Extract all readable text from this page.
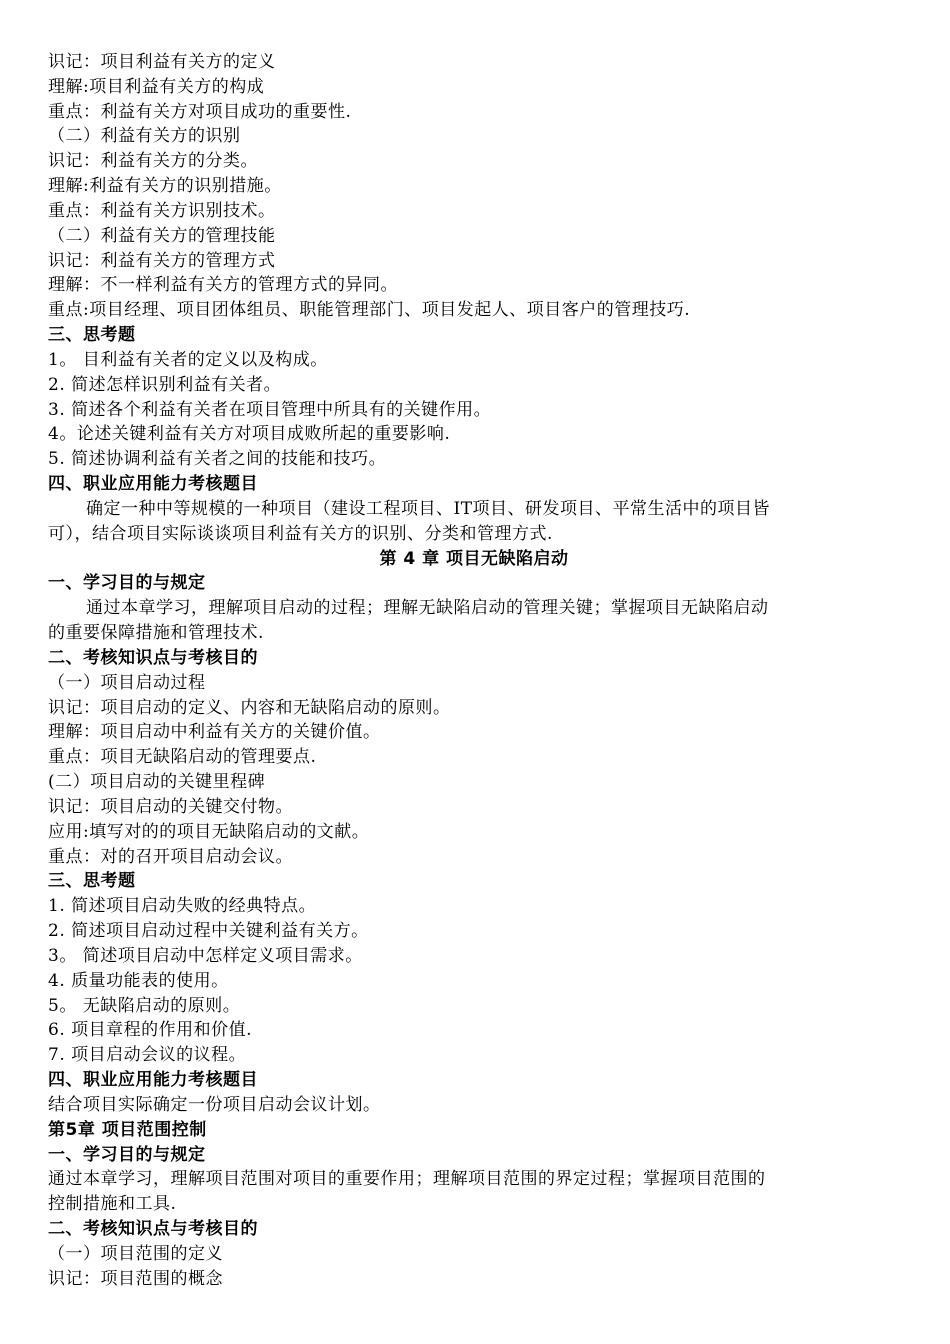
识记：项目利益有关方的定义
理解:项目利益有关方的构成
重点：利益有关方对项目成功的重要性.
（二）利益有关方的识别
识记：利益有关方的分类。
理解:利益有关方的识别措施。
重点：利益有关方识别技术。
（二）利益有关方的管理技能
识记：利益有关方的管理方式
理解：不一样利益有关方的管理方式的异同。
重点:项目经理、项目团体组员、职能管理部门、项目发起人、项目客户的管理技巧.
三、思考题
1。 目利益有关者的定义以及构成。
2. 简述怎样识别利益有关者。
3. 简述各个利益有关者在项目管理中所具有的关键作用。
4。论述关键利益有关方对项目成败所起的重要影响.
5. 简述协调利益有关者之间的技能和技巧。
四、职业应用能力考核题目
确定一种中等规模的一种项目（建设工程项目、IT项目、研发项目、平常生活中的项目皆
可），结合项目实际谈谈项目利益有关方的识别、分类和管理方式.
第 4 章 项目无缺陷启动
一、学习目的与规定
通过本章学习，理解项目启动的过程；理解无缺陷启动的管理关键；掌握项目无缺陷启动
的重要保障措施和管理技术.
二、考核知识点与考核目的
（一）项目启动过程
识记：项目启动的定义、内容和无缺陷启动的原则。
理解：项目启动中利益有关方的关键价值。
重点：项目无缺陷启动的管理要点.
(二）项目启动的关键里程碑
识记：项目启动的关键交付物。
应用:填写对的的项目无缺陷启动的文献。
重点：对的召开项目启动会议。
三、思考题
1. 简述项目启动失败的经典特点。
2. 简述项目启动过程中关键利益有关方。
3。 简述项目启动中怎样定义项目需求。
4. 质量功能表的使用。
5。 无缺陷启动的原则。
6. 项目章程的作用和价值.
7. 项目启动会议的议程。
四、职业应用能力考核题目
结合项目实际确定一份项目启动会议计划。
第5章 项目范围控制
一、学习目的与规定
通过本章学习，理解项目范围对项目的重要作用；理解项目范围的界定过程；掌握项目范围的
控制措施和工具.
二、考核知识点与考核目的
（一）项目范围的定义
识记：项目范围的概念
